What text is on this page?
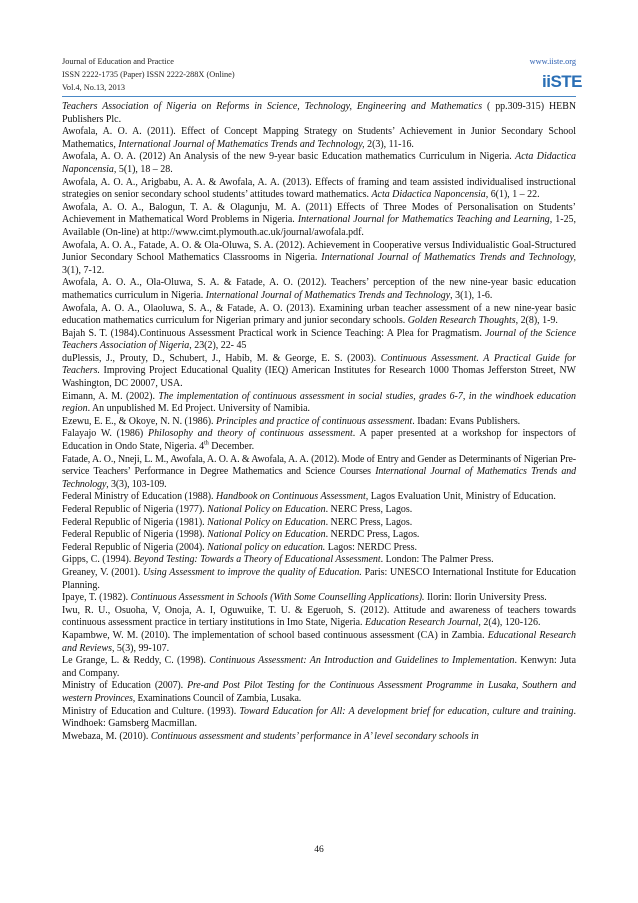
Journal of Education and Practice	www.iiste.org
ISSN 2222-1735 (Paper) ISSN 2222-288X (Online)
Vol.4, No.13, 2013	iiSTE

Teachers Association of Nigeria on Reforms in Science, Technology, Engineering and Mathematics ( pp.309-315) HEBN Publishers Plc.

Awofala, A. O. A. (2011). Effect of Concept Mapping Strategy on Students’ Achievement in Junior Secondary School Mathematics, International Journal of Mathematics Trends and Technology, 2(3), 11-16.

Awofala, A. O. A. (2012) An Analysis of the new 9-year basic Education mathematics Curriculum in Nigeria. Acta Didactica Naponcensia, 5(1), 18 – 28.

Awofala, A. O. A., Arigbabu, A. A. & Awofala, A. A. (2013). Effects of framing and team assisted individualised instructional strategies on senior secondary school students’ attitudes toward mathematics. Acta Didactica Naponcensia, 6(1), 1 – 22.

Awofala, A. O. A., Balogun, T. A. & Olagunju, M. A. (2011) Effects of Three Modes of Personalisation on Students’ Achievement in Mathematical Word Problems in Nigeria. International Journal for Mathematics Teaching and Learning, 1-25, Available (On-line) at http://www.cimt.plymouth.ac.uk/journal/awofala.pdf.

Awofala, A. O. A., Fatade, A. O. & Ola-Oluwa, S. A. (2012). Achievement in Cooperative versus Individualistic Goal-Structured Junior Secondary School Mathematics Classrooms in Nigeria. International Journal of Mathematics Trends and Technology, 3(1), 7-12.

Awofala, A. O. A., Ola-Oluwa, S. A. & Fatade, A. O. (2012). Teachers’ perception of the new nine-year basic education mathematics curriculum in Nigeria. International Journal of Mathematics Trends and Technology, 3(1), 1-6.

Awofala, A. O. A., Olaoluwa, S. A., & Fatade, A. O. (2013). Examining urban teacher assessment of a new nine-year basic education mathematics curriculum for Nigerian primary and junior secondary schools. Golden Research Thoughts, 2(8), 1-9.

Bajah S. T. (1984).Continuous Assessment Practical work in Science Teaching: A Plea for Pragmatism. Journal of the Science Teachers Association of Nigeria, 23(2), 22- 45

duPlessis, J., Prouty, D., Schubert, J., Habib, M. & George, E. S. (2003). Continuous Assessment. A Practical Guide for Teachers. Improving Project Educational Quality (IEQ) American Institutes for Research 1000 Thomas Jefferston Street, NW Washington, DC 20007, USA.

Eimann, A. M. (2002). The implementation of continuous assessment in social studies, grades 6-7, in the windhoek education region. An unpublished M. Ed Project. University of Namibia.

Ezewu, E. E., & Okoye, N. N. (1986). Principles and practice of continuous assessment. Ibadan: Evans Publishers.

Falayajo W. (1986) Philosophy and theory of continuous assessment. A paper presented at a workshop for inspectors of Education in Ondo State, Nigeria. 4th December.

Fatade, A. O., Nneji, L. M., Awofala, A. O. A. & Awofala, A. A. (2012). Mode of Entry and Gender as Determinants of Nigerian Pre-service Teachers’ Performance in Degree Mathematics and Science Courses International Journal of Mathematics Trends and Technology, 3(3), 103-109.

Federal Ministry of Education (1988). Handbook on Continuous Assessment, Lagos Evaluation Unit, Ministry of Education.

Federal Republic of Nigeria (1977). National Policy on Education. NERC Press, Lagos.

Federal Republic of Nigeria (1981). National Policy on Education. NERC Press, Lagos.

Federal Republic of Nigeria (1998). National Policy on Education. NERDC Press, Lagos.

Federal Republic of Nigeria (2004). National policy on education. Lagos: NERDC Press.

Gipps, C. (1994). Beyond Testing: Towards a Theory of Educational Assessment. London: The Palmer Press.

Greaney, V. (2001). Using Assessment to improve the quality of Education. Paris: UNESCO International Institute for Education Planning.

Ipaye, T. (1982). Continuous Assessment in Schools (With Some Counselling Applications). Ilorin: Ilorin University Press.

Iwu, R. U., Osuoha, V, Onoja, A. I, Oguwuike, T. U. & Egeruoh, S. (2012). Attitude and awareness of teachers towards continuous assessment practice in tertiary institutions in Imo State, Nigeria. Education Research Journal, 2(4), 120-126.

Kapambwe, W. M. (2010). The implementation of school based continuous assessment (CA) in Zambia. Educational Research and Reviews, 5(3), 99-107.

Le Grange, L. & Reddy, C. (1998). Continuous Assessment: An Introduction and Guidelines to Implementation. Kenwyn: Juta and Company.

Ministry of Education (2007). Pre-and Post Pilot Testing for the Continuous Assessment Programme in Lusaka, Southern and western Provinces, Examinations Council of Zambia, Lusaka.

Ministry of Education and Culture. (1993). Toward Education for All: A development brief for education, culture and training. Windhoek: Gamsberg Macmillan.

Mwebaza, M. (2010). Continuous assessment and students’ performance in A’ level secondary schools in

46
